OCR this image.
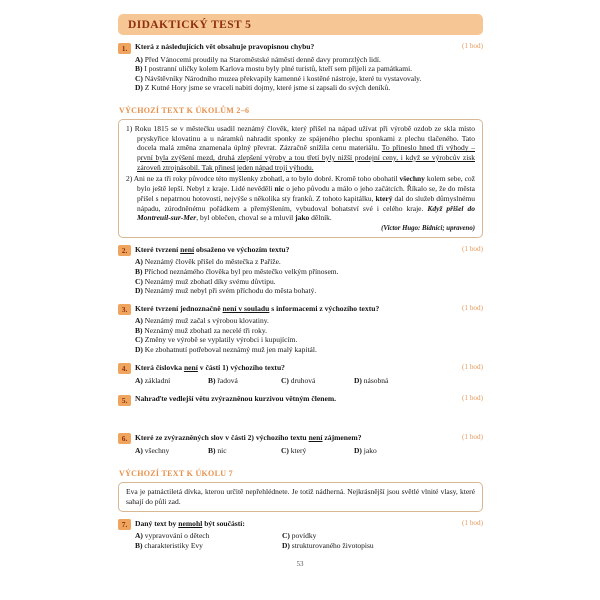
DIDAKTICKÝ TEST 5
1.	Která z následujících vět obsahuje pravopisnou chybu?	(1 bod)
A) Před Vánocemi proudily na Staroměstské náměstí denně davy promrzlých lidí.
B) I postranní uličky kolem Karlova mostu byly plné turistů, kteří sem přijeli za památkami.
C) Návštěvníky Národního muzea překvapily kamenné i kostěné nástroje, které tu vystavovaly.
D) Z Kutné Hory jsme se vraceli nabiti dojmy, které jsme si zapsali do svých deníků.
VÝCHOZÍ TEXT K ÚKOLŮM 2–6
1) Roku 1815 se v městečku usadil neznámý člověk, který přišel na nápad užívat při výrobě ozdob ze skla místo pryskyřice klovatinu a u náramků nahradit sponky ze spájeného plechu sponkami z plechu tlačeného. Tato docela malá změna znamenala úplný převrat. Zázračně snížila cenu materiálu. To přineslo hned tři výhody – první byla zvýšení mezd, druhá zlepšení výroby a tou třetí byly nižší prodejní ceny, i když se výrobcův zisk zároveň ztrojnásobil. Tak přinesl jeden nápad trojí výhodu.
2) Ani ne za tři roky původce této myšlenky zbohatl, a to bylo dobré. Kromě toho obohatil všechny kolem sebe, což bylo ještě lepší. Nebyl z kraje. Lidé nevěděli nic o jeho původu a málo o jeho začátcích. Říkalo se, že do města přišel s nepatrnou hotovostí, nejvýše s několika sty franků. Z tohoto kapitálku, který dal do služeb důmyslnému nápadu, zúrodněnému pořádkem a přemýšlením, vybudoval bohatství své i celého kraje. Když přišel do Montreuil-sur-Mer, byl oblečen, choval se a mluvil jako dělník.
(Victor Hugo: Bídníci; upraveno)
2.	Které tvrzení není obsaženo ve výchozím textu?	(1 bod)
A) Neznámý člověk přišel do městečka z Paříže.
B) Příchod neznámého člověka byl pro městečko velkým přínosem.
C) Neznámý muž zbohatl díky svému důvtipu.
D) Neznámý muž nebyl při svém příchodu do města bohatý.
3.	Které tvrzení jednoznačně není v souladu s informacemi z výchozího textu?	(1 bod)
A) Neznámý muž začal s výrobou klovatiny.
B) Neznámý muž zbohatl za necelé tři roky.
C) Změny ve výrobě se vyplatily výrobci i kupujícím.
D) Ke zbohatnutí potřeboval neznámý muž jen malý kapitál.
4.	Která číslovka není v části 1) výchozího textu?	(1 bod)
A) základní	B) řadová	C) druhová	D) násobná
5.	Nahraďte vedlejší větu zvýrazněnou kurzivou větným členem.	(1 bod)
6.	Které ze zvýrazněných slov v části 2) výchozího textu není zájmenem?	(1 bod)
A) všechny	B) nic	C) který	D) jako
VÝCHOZÍ TEXT K ÚKOLU 7
Eva je patnáctiletá dívka, kterou určitě nepřehlédnete. Je totiž nádherná. Nejkrásnější jsou světlé vlnité vlasy, které sahají do půli zad.
7.	Daný text by nemohl být součástí:	(1 bod)
A) vypravování o dětech	C) povídky
B) charakteristiky Evy	D) strukturovaného životopisu
53
